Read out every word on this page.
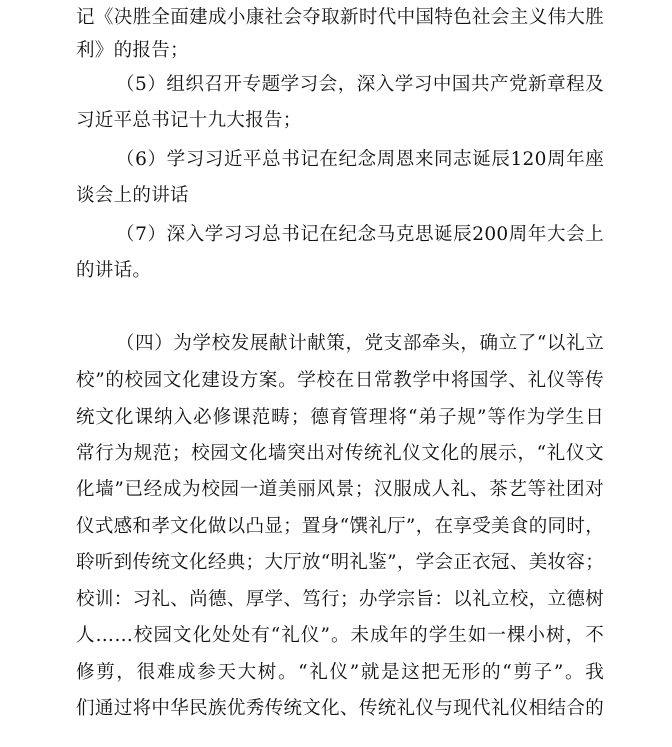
记《决胜全面建成小康社会夺取新时代中国特色社会主义伟大胜
利》的报告；
（5）组织召开专题学习会，深入学习中国共产党新章程及
习近平总书记十九大报告；
（6）学习习近平总书记在纪念周恩来同志诞辰120周年座
谈会上的讲话
（7）深入学习习总书记在纪念马克思诞辰200周年大会上
的讲话。
（四）为学校发展献计献策，党支部牵头，确立了“以礼立
校”的校园文化建设方案。学校在日常教学中将国学、礼仪等传
统文化课纳入必修课范畴；德育管理将“弟子规”等作为学生日
常行为规范；校园文化墙突出对传统礼仪文化的展示，“礼仪文
化墙”已经成为校园一道美丽风景；汉服成人礼、茶艺等社团对
仪式感和孝文化做以凸显；置身“馔礼厅”，在享受美食的同时，
聆听到传统文化经典；大厅放“明礼鉴”，学会正衣冠、美妆容；
校训：习礼、尚德、厚学、笃行；办学宗旨：以礼立校，立德树
人……校园文化处处有“礼仪”。未成年的学生如一棵小树，不
修剪，很难成参天大树。“礼仪”就是这把无形的“剪子”。我
们通过将中华民族优秀传统文化、传统礼仪与现代礼仪相结合的
